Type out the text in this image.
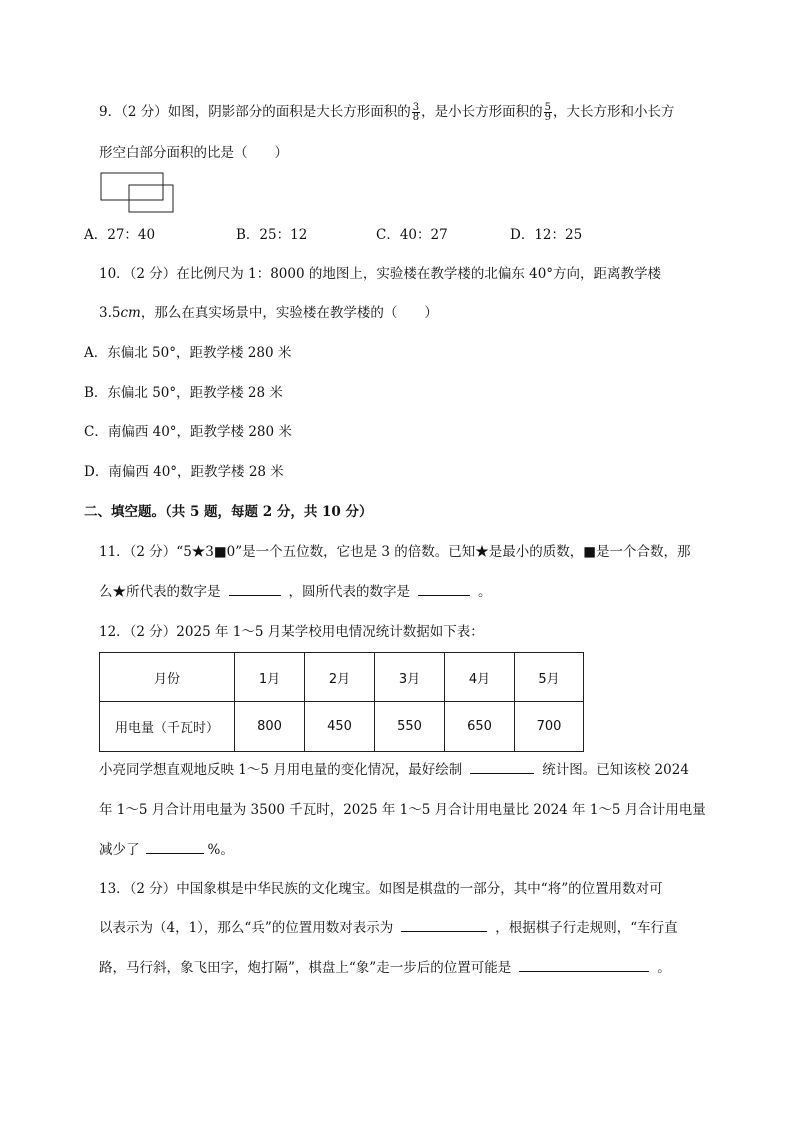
9．（2 分）如图，阴影部分的面积是大长方形面积的 $\frac{3}{8}$ ，是小长方形面积的 $\frac{5}{9}$ ，大长方形和小长方
形空白部分面积的比是（　　）
A．27：40	B．25：12	C．40：27	D．12：25
10．（2 分）在比例尺为 1：8000 的地图上，实验楼在教学楼的北偏东 40°方向，距离教学楼
3.5cm，那么在真实场景中，实验楼在教学楼的（　　）
A．东偏北 50°，距教学楼 280 米
B．东偏北 50°，距教学楼 28 米
C．南偏西 40°，距教学楼 280 米
D．南偏西 40°，距教学楼 28 米
二、填空题。（共 5 题，每题 2 分，共 10 分）
11．（2 分）“5★3■0”是一个五位数，它也是 3 的倍数。已知★是最小的质数，■是一个合数，那
么★所代表的数字是	，圆所代表的数字是	。
12．（2 分）2025 年 1～5 月某学校用电情况统计数据如下表：
月份	1月	2月	3月	4月	5月
用电量（千瓦时）	800	450	550	650	700
小亮同学想直观地反映 1～5 月用电量的变化情况，最好绘制	统计图。已知该校 2024
年 1～5 月合计用电量为 3500 千瓦时，2025 年 1～5 月合计用电量比 2024 年 1～5 月合计用电量
减少了	%。
13．（2 分）中国象棋是中华民族的文化瑰宝。如图是棋盘的一部分，其中“将”的位置用数对可
以表示为（4，1），那么“兵”的位置用数对表示为	，根据棋子行走规则，“车行直
路，马行斜，象飞田字，炮打隔”，棋盘上“象”走一步后的位置可能是	。
